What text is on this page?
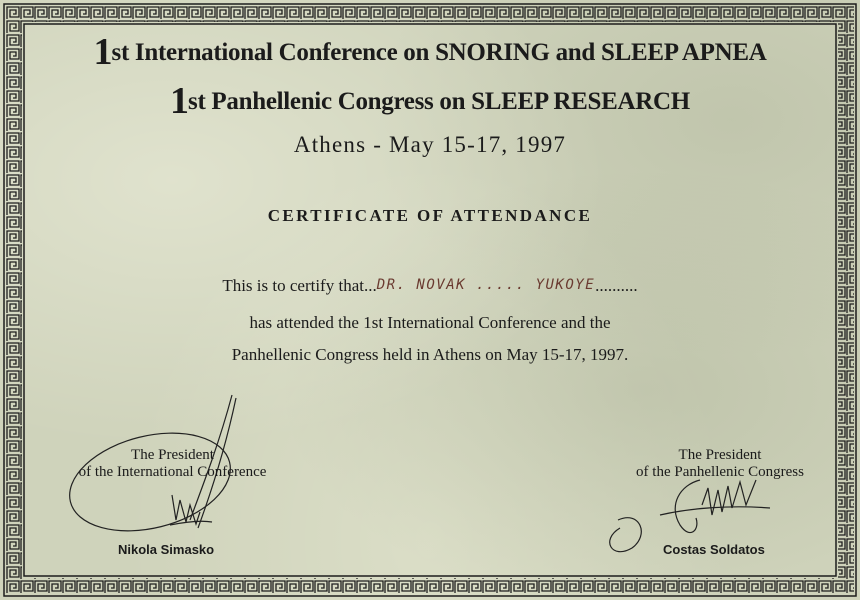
1st International Conference on SNORING and SLEEP APNEA
1st Panhellenic Congress on SLEEP RESEARCH
Athens - May 15-17, 1997
CERTIFICATE OF ATTENDANCE
This is to certify that...DR. NOVAK ..... YUKOYE..........
has attended the 1st International Conference and the
Panhellenic Congress held in Athens on May 15-17, 1997.
The President
of the International Conference
The President
of the Panhellenic Congress
Nikola Simasko	Costas Soldatos
